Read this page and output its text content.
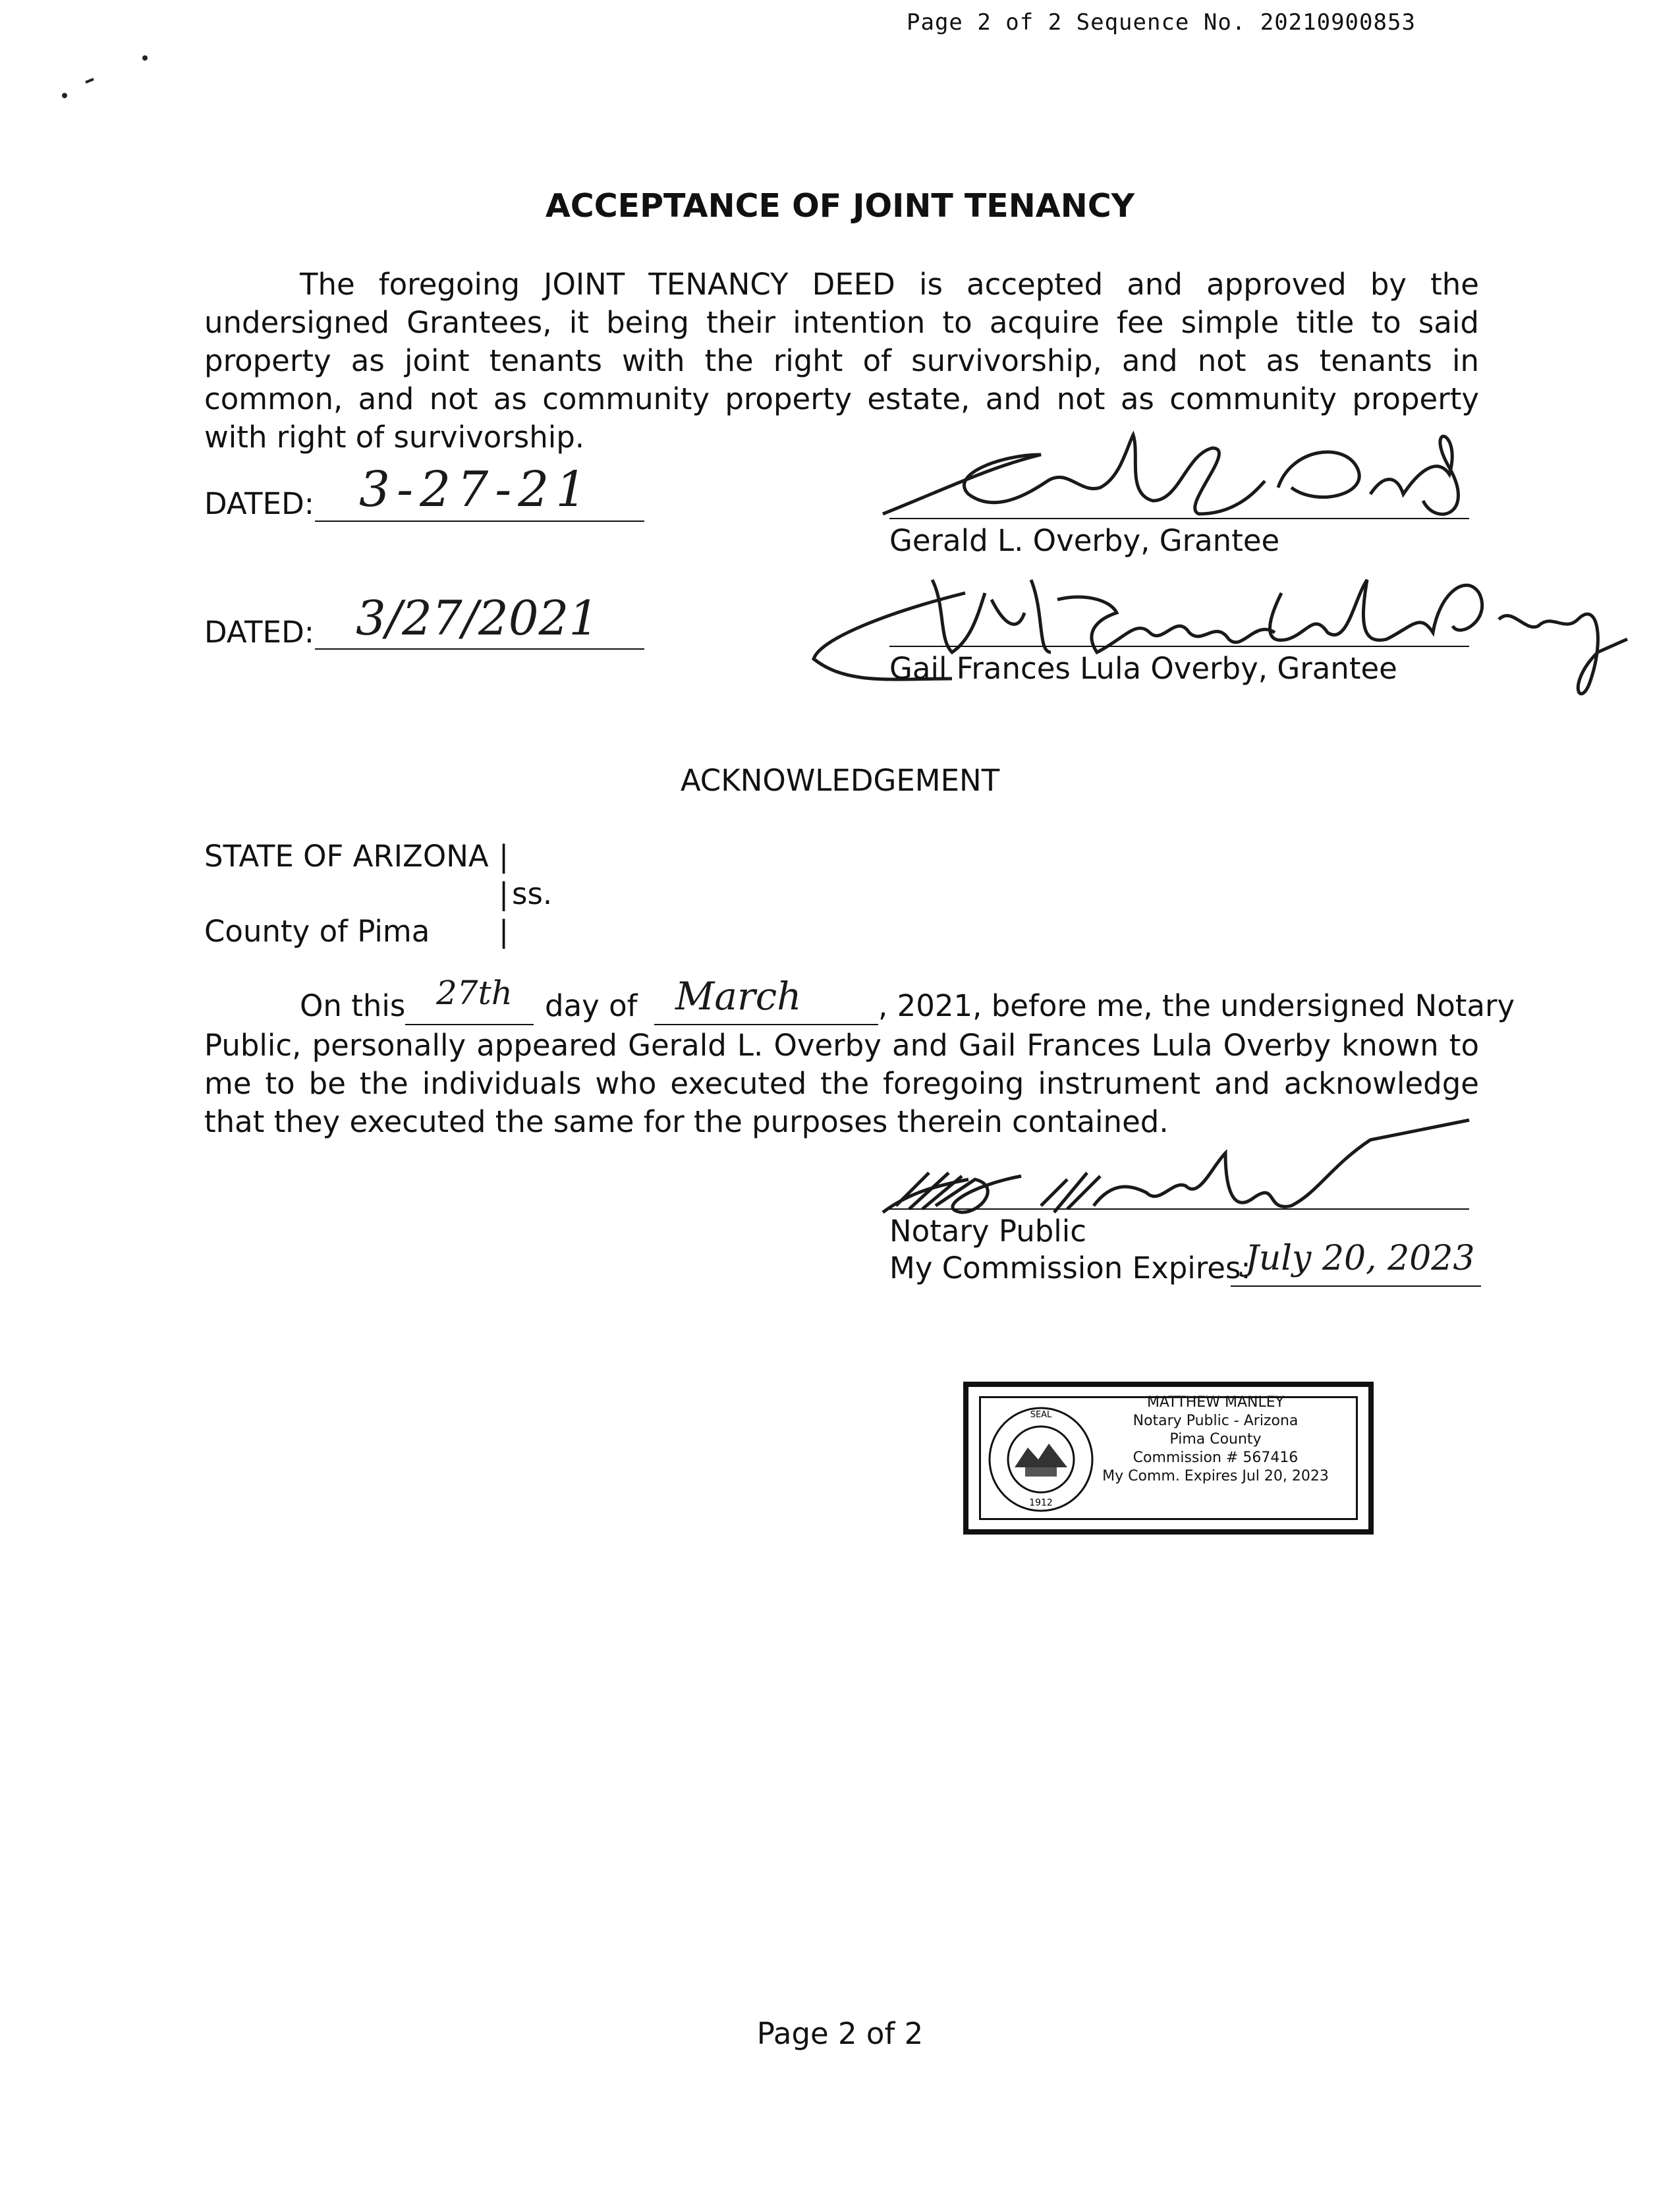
Page 2 of 2 Sequence No. 20210900853
ACCEPTANCE OF JOINT TENANCY
The foregoing JOINT TENANCY DEED is accepted and approved by the undersigned Grantees, it being their intention to acquire fee simple title to said property as joint tenants with the right of survivorship, and not as tenants in common, and not as community property estate, and not as community property with right of survivorship.
DATED: 3-27-21
Gerald L. Overby, Grantee
DATED: 3/27/2021
Gail Frances Lula Overby, Grantee
ACKNOWLEDGEMENT
STATE OF ARIZONA |
| ss.
County of Pima |
On this 27th day of March	, 2021, before me, the undersigned Notary
Public, personally appeared Gerald L. Overby and Gail Frances Lula Overby known to me to be the individuals who executed the foregoing instrument and acknowledge that they executed the same for the purposes therein contained.
Notary Public
My Commission Expires:
July 20, 2023
SEAL
1912
MATTHEW MANLEY
Notary Public - Arizona
Pima County
Commission # 567416
My Comm. Expires Jul 20, 2023
Page 2 of 2
